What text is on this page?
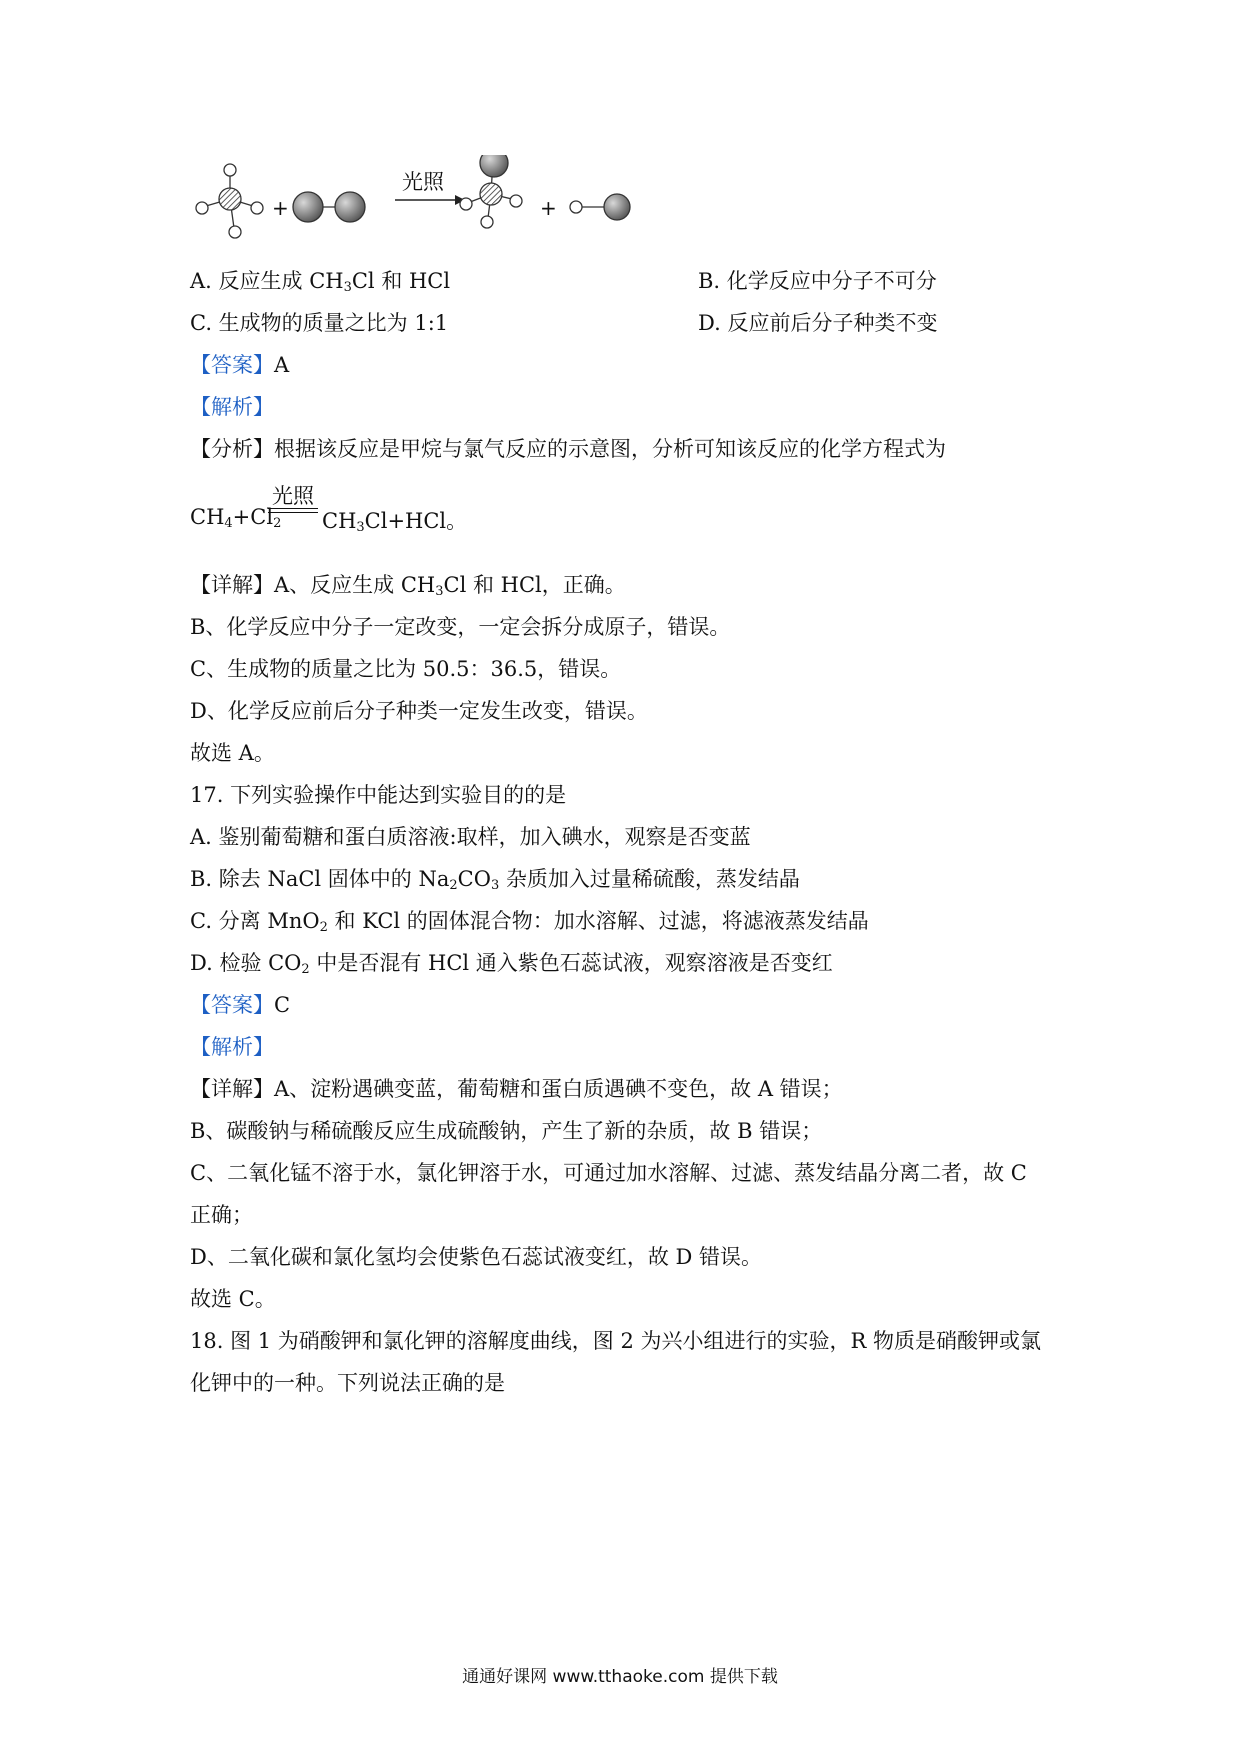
+
光照
+
A. 反应生成 $CH_3Cl$ 和 HCl	B. 化学反应中分子不可分
C. 生成物的质量之比为 1:1	D. 反应前后分子种类不变
【答案】A
【解析】
【分析】根据该反应是甲烷与氯气反应的示意图，分析可知该反应的化学方程式为
$CH_4+Cl_2$
光照
$CH_3Cl+HCl$。
【详解】A、反应生成 $CH_3Cl$ 和 HCl，正确。
B、化学反应中分子一定改变，一定会拆分成原子，错误。
C、生成物的质量之比为 50.5：36.5，错误。
D、化学反应前后分子种类一定发生改变，错误。
故选 A。
17. 下列实验操作中能达到实验目的的是
A. 鉴别葡萄糖和蛋白质溶液:取样，加入碘水，观察是否变蓝
B. 除去 NaCl 固体中的 $Na_2CO_3$ 杂质加入过量稀硫酸，蒸发结晶
C. 分离 MnO$_2$ 和 KCl 的固体混合物：加水溶解、过滤，将滤液蒸发结晶
D. 检验 $CO_2$ 中是否混有 HCl 通入紫色石蕊试液，观察溶液是否变红
【答案】C
【解析】
【详解】A、淀粉遇碘变蓝，葡萄糖和蛋白质遇碘不变色，故 A 错误；
B、碳酸钠与稀硫酸反应生成硫酸钠，产生了新的杂质，故 B 错误；
C、二氧化锰不溶于水，氯化钾溶于水，可通过加水溶解、过滤、蒸发结晶分离二者，故 C
正确；
D、二氧化碳和氯化氢均会使紫色石蕊试液变红，故 D 错误。
故选 C。
18. 图 1 为硝酸钾和氯化钾的溶解度曲线，图 2 为兴小组进行的实验，R 物质是硝酸钾或氯
化钾中的一种。下列说法正确的是
通通好课网 www.tthaoke.com 提供下载
